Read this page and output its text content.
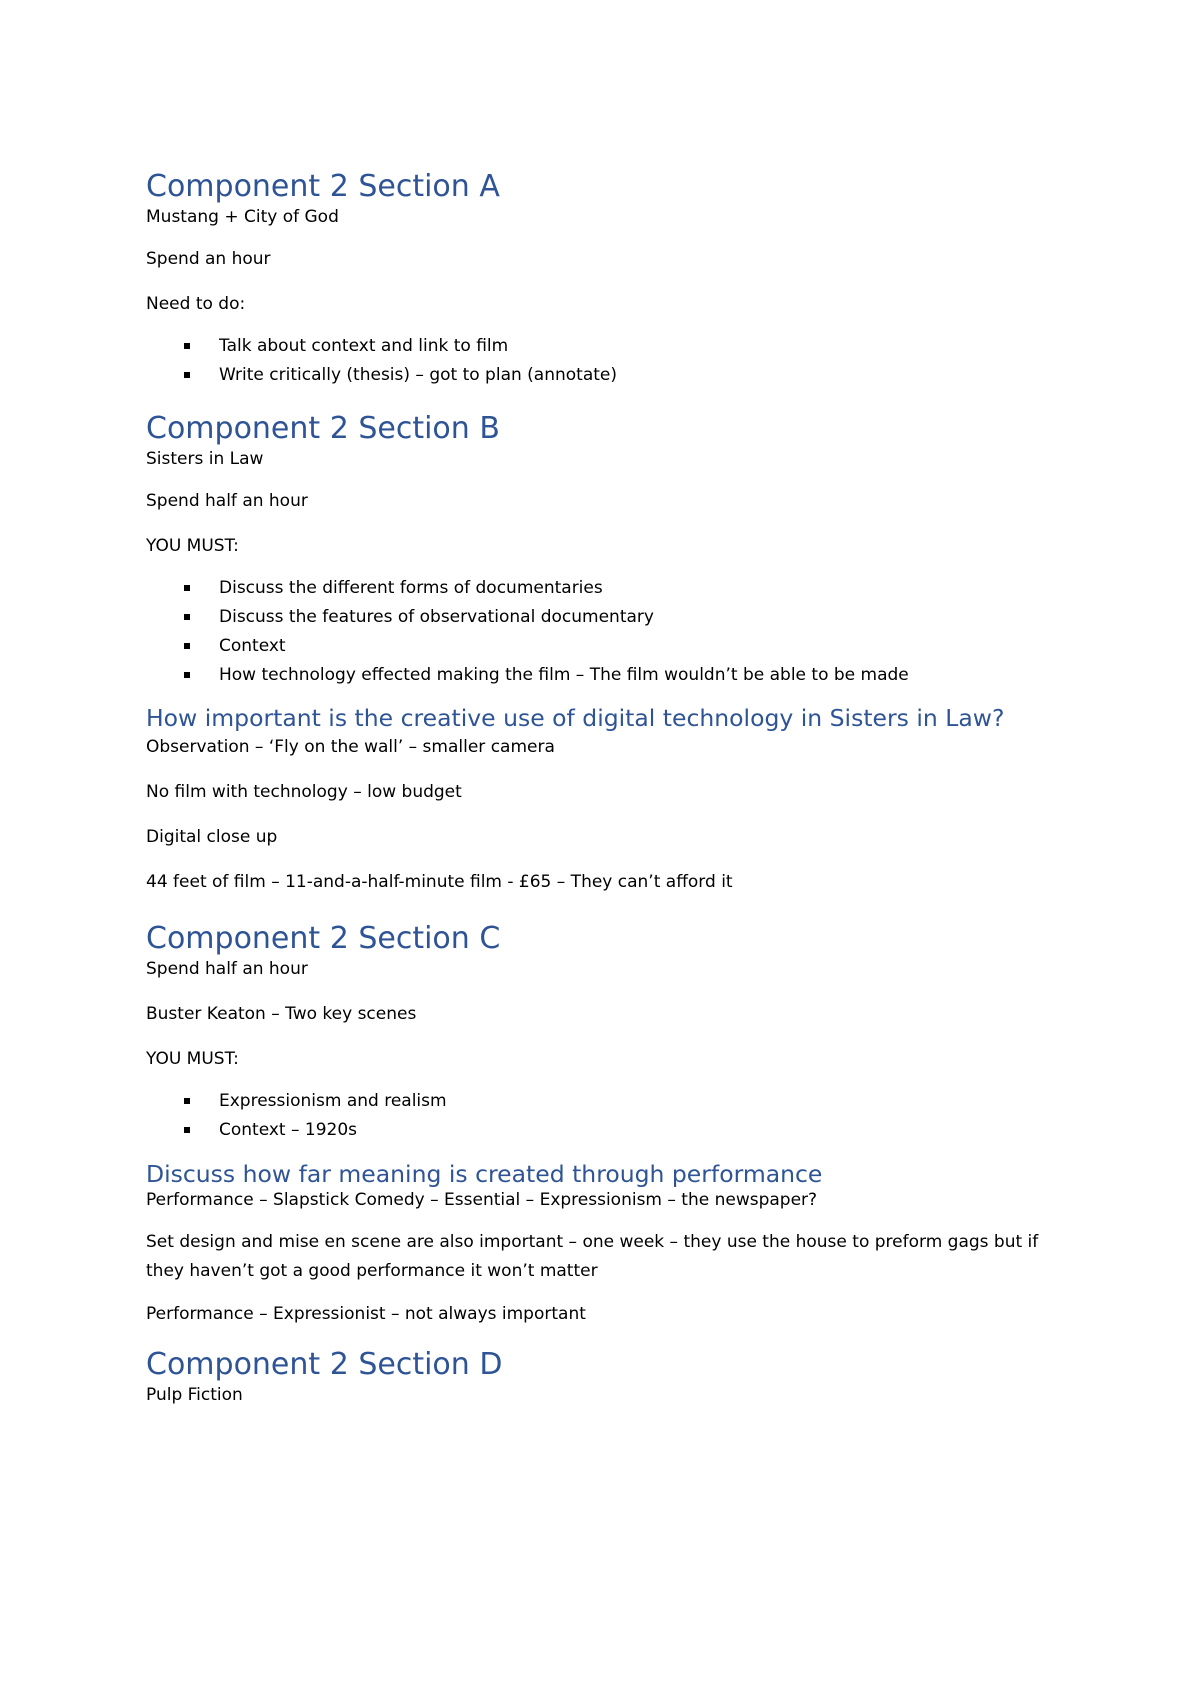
Component 2 Section A
Mustang + City of God
Spend an hour
Need to do:
Talk about context and link to film
Write critically (thesis) – got to plan (annotate)
Component 2 Section B
Sisters in Law
Spend half an hour
YOU MUST:
Discuss the different forms of documentaries
Discuss the features of observational documentary
Context
How technology effected making the film – The film wouldn’t be able to be made
How important is the creative use of digital technology in Sisters in Law?
Observation – ‘Fly on the wall’ – smaller camera
No film with technology – low budget
Digital close up
44 feet of film – 11-and-a-half-minute film - £65 – They can’t afford it
Component 2 Section C
Spend half an hour
Buster Keaton – Two key scenes
YOU MUST:
Expressionism and realism
Context – 1920s
Discuss how far meaning is created through performance
Performance – Slapstick Comedy – Essential – Expressionism – the newspaper?
Set design and mise en scene are also important – one week – they use the house to preform gags but if they haven’t got a good performance it won’t matter
Performance – Expressionist – not always important
Component 2 Section D
Pulp Fiction
